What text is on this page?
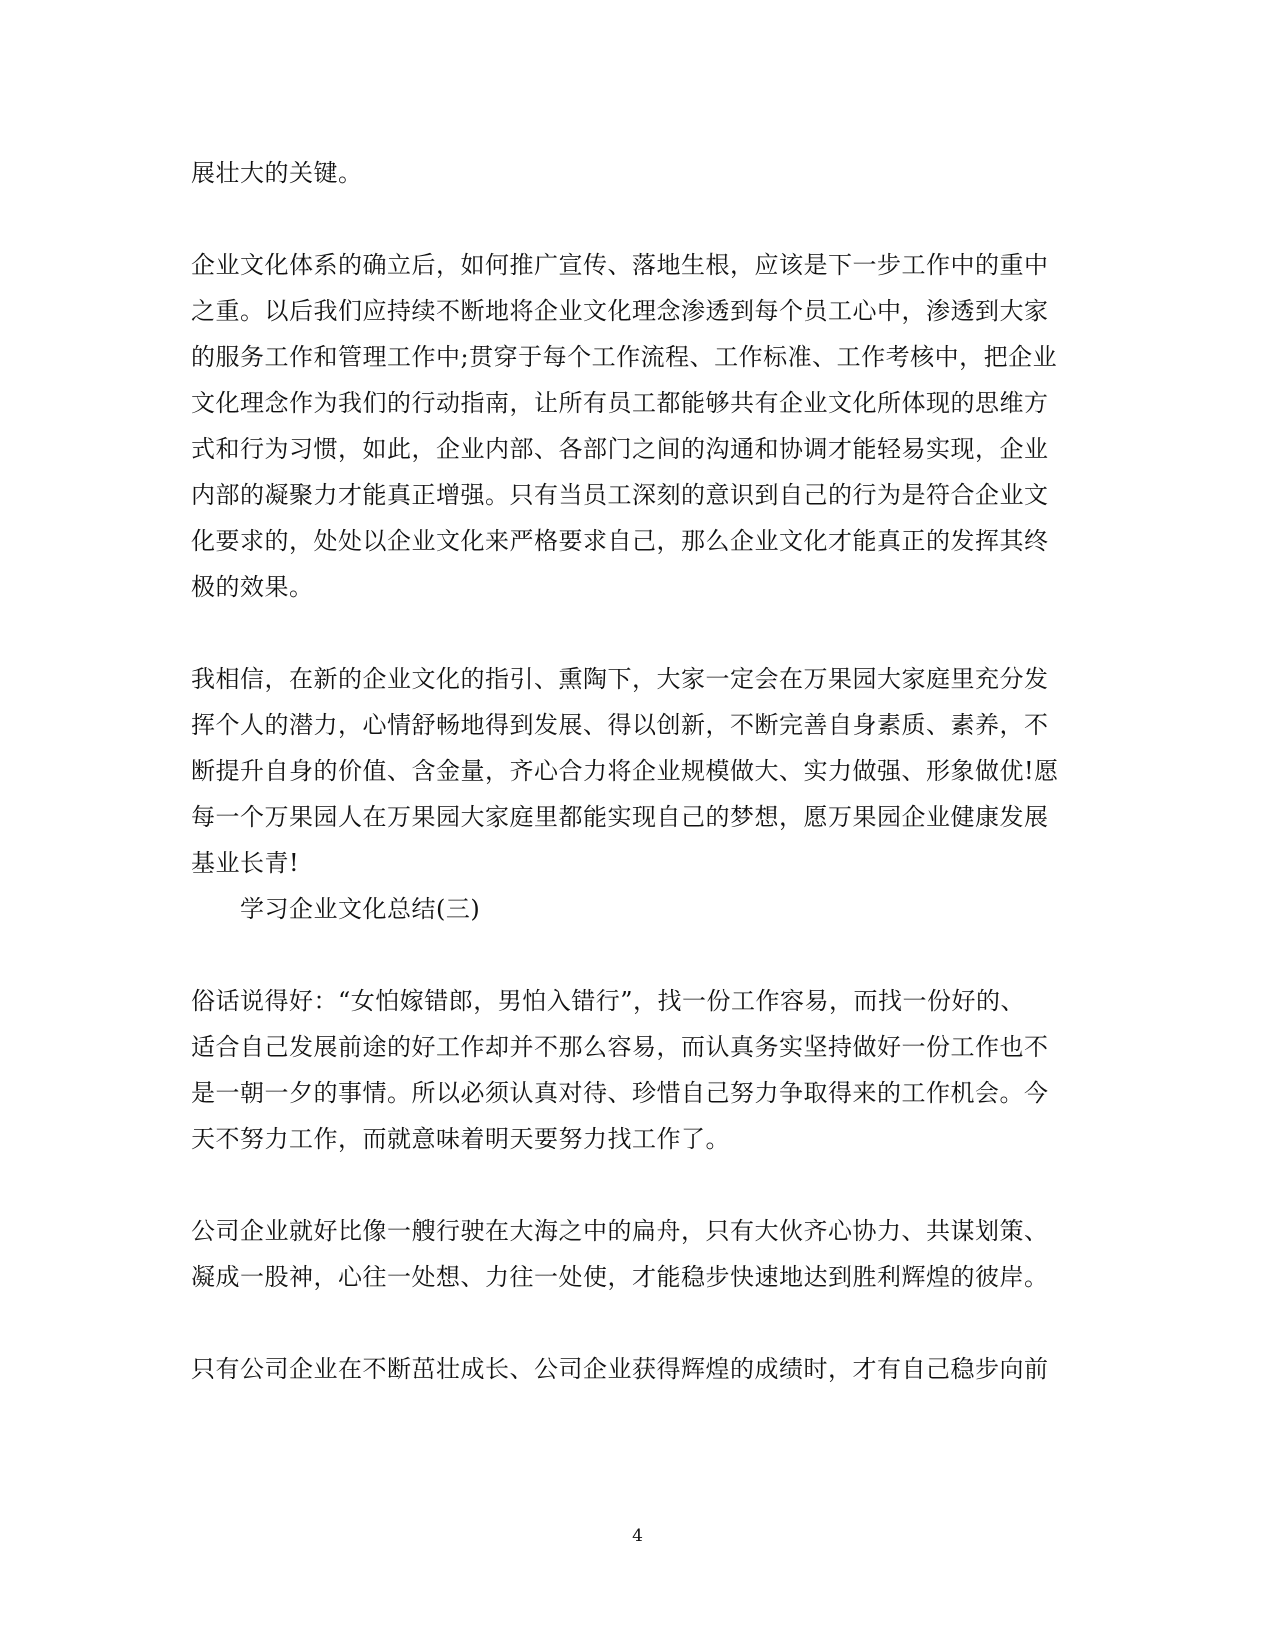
展壮大的关键。
企业文化体系的确立后，如何推广宣传、落地生根，应该是下一步工作中的重中
之重。以后我们应持续不断地将企业文化理念渗透到每个员工心中，渗透到大家
的服务工作和管理工作中;贯穿于每个工作流程、工作标准、工作考核中，把企业
文化理念作为我们的行动指南，让所有员工都能够共有企业文化所体现的思维方
式和行为习惯，如此，企业内部、各部门之间的沟通和协调才能轻易实现，企业
内部的凝聚力才能真正增强。只有当员工深刻的意识到自己的行为是符合企业文
化要求的，处处以企业文化来严格要求自己，那么企业文化才能真正的发挥其终
极的效果。
我相信，在新的企业文化的指引、熏陶下，大家一定会在万果园大家庭里充分发
挥个人的潜力，心情舒畅地得到发展、得以创新，不断完善自身素质、素养，不
断提升自身的价值、含金量，齐心合力将企业规模做大、实力做强、形象做优!愿
每一个万果园人在万果园大家庭里都能实现自己的梦想，愿万果园企业健康发展
基业长青!
学习企业文化总结(三)
俗话说得好：“女怕嫁错郎，男怕入错行”，找一份工作容易，而找一份好的、
适合自己发展前途的好工作却并不那么容易，而认真务实坚持做好一份工作也不
是一朝一夕的事情。所以必须认真对待、珍惜自己努力争取得来的工作机会。今
天不努力工作，而就意味着明天要努力找工作了。
公司企业就好比像一艘行驶在大海之中的扁舟，只有大伙齐心协力、共谋划策、
凝成一股神，心往一处想、力往一处使，才能稳步快速地达到胜利辉煌的彼岸。
只有公司企业在不断茁壮成长、公司企业获得辉煌的成绩时，才有自己稳步向前
4
